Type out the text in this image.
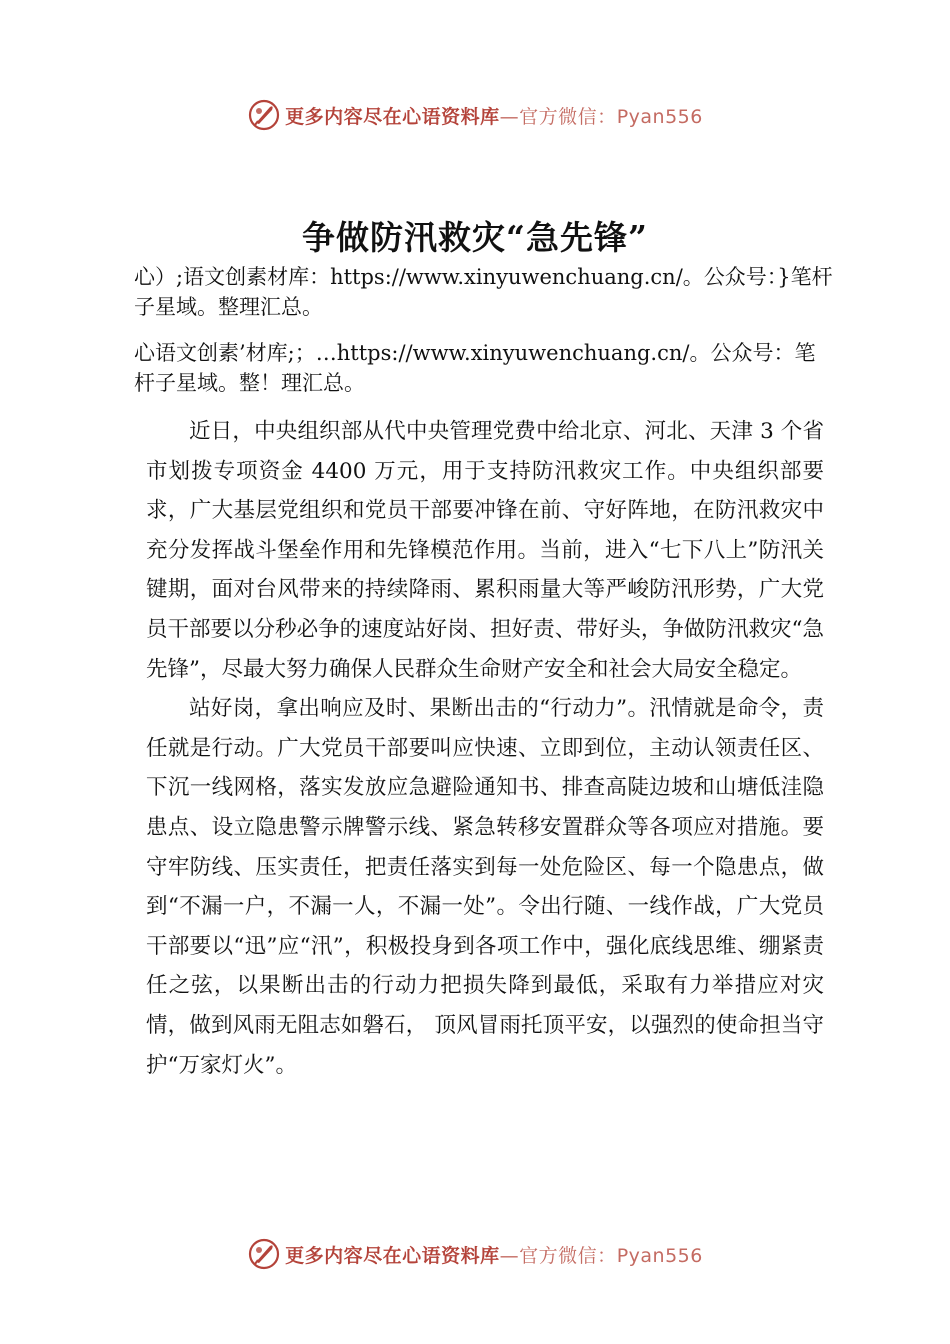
更多内容尽在心语资料库—官方微信：Pyan556
争做防汛救灾“急先锋”
心）;语文创素材库：https://www.xinyuwenchuang.cn/。公众号：}笔杆子星域。整理汇总。
心语文创素’材库;；…https://www.xinyuwenchuang.cn/。公众号：笔杆子星域。整！理汇总。

近日，中央组织部从代中央管理党费中给北京、河北、天津 3 个省市划拨专项资金 4400 万元，用于支持防汛救灾工作。中央组织部要求，广大基层党组织和党员干部要冲锋在前、守好阵地，在防汛救灾中充分发挥战斗堡垒作用和先锋模范作用。当前，进入“七下八上”防汛关键期，面对台风带来的持续降雨、累积雨量大等严峻防汛形势，广大党员干部要以分秒必争的速度站好岗、担好责、带好头，争做防汛救灾“急先锋”，尽最大努力确保人民群众生命财产安全和社会大局安全稳定。

站好岗，拿出响应及时、果断出击的“行动力”。汛情就是命令，责任就是行动。广大党员干部要叫应快速、立即到位，主动认领责任区、下沉一线网格，落实发放应急避险通知书、排查高陡边坡和山塘低洼隐患点、设立隐患警示牌警示线、紧急转移安置群众等各项应对措施。要守牢防线、压实责任，把责任落实到每一处危险区、每一个隐患点，做到“不漏一户，不漏一人，不漏一处”。令出行随、一线作战，广大党员干部要以“迅”应“汛”，积极投身到各项工作中，强化底线思维、绷紧责任之弦，以果断出击的行动力把损失降到最低，采取有力举措应对灾情，做到风雨无阻志如磐石， 顶风冒雨托顶平安，以强烈的使命担当守护“万家灯火”。

更多内容尽在心语资料库—官方微信：Pyan556
